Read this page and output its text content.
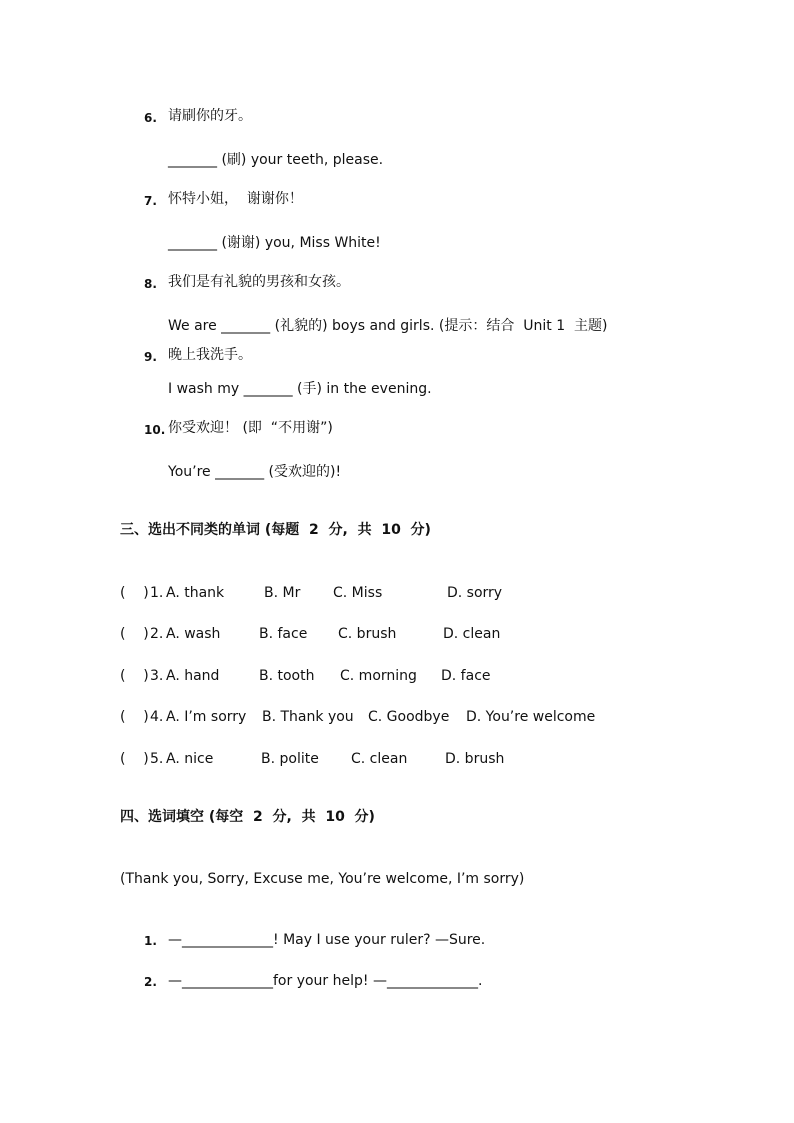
6. 请刷你的牙。
_______ (刷) your teeth, please.
7. 怀特小姐，  谢谢你！
_______ (谢谢) you, Miss White!
8. 我们是有礼貌的男孩和女孩。
We are _______ (礼貌的) boys and girls. (提示：结合  Unit 1  主题)
9. 晚上我洗手。
I wash my _______ (手) in the evening.
10. 你受欢迎！ (即  “不用谢”)
You’re _______ (受欢迎的)!
三、选出不同类的单词 (每题  2  分,  共  10  分)
(    ) 1. A. thank	B. Mr C. Miss	D. sorry
(    ) 2. A. wash	B. face C. brush	D. clean
(    ) 3. A. hand	B. tooth C. morning D. face
(    ) 4. A. I’m sorry B. Thank you C. Goodbye D. You’re welcome
(    ) 5. A. nice	B. polite C. clean	D. brush
四、选词填空 (每空  2  分,  共  10  分)
(Thank you, Sorry, Excuse me, You’re welcome, I’m sorry)
1. —_____________! May I use your ruler? —Sure.
2. —_____________for your help! —_____________.
